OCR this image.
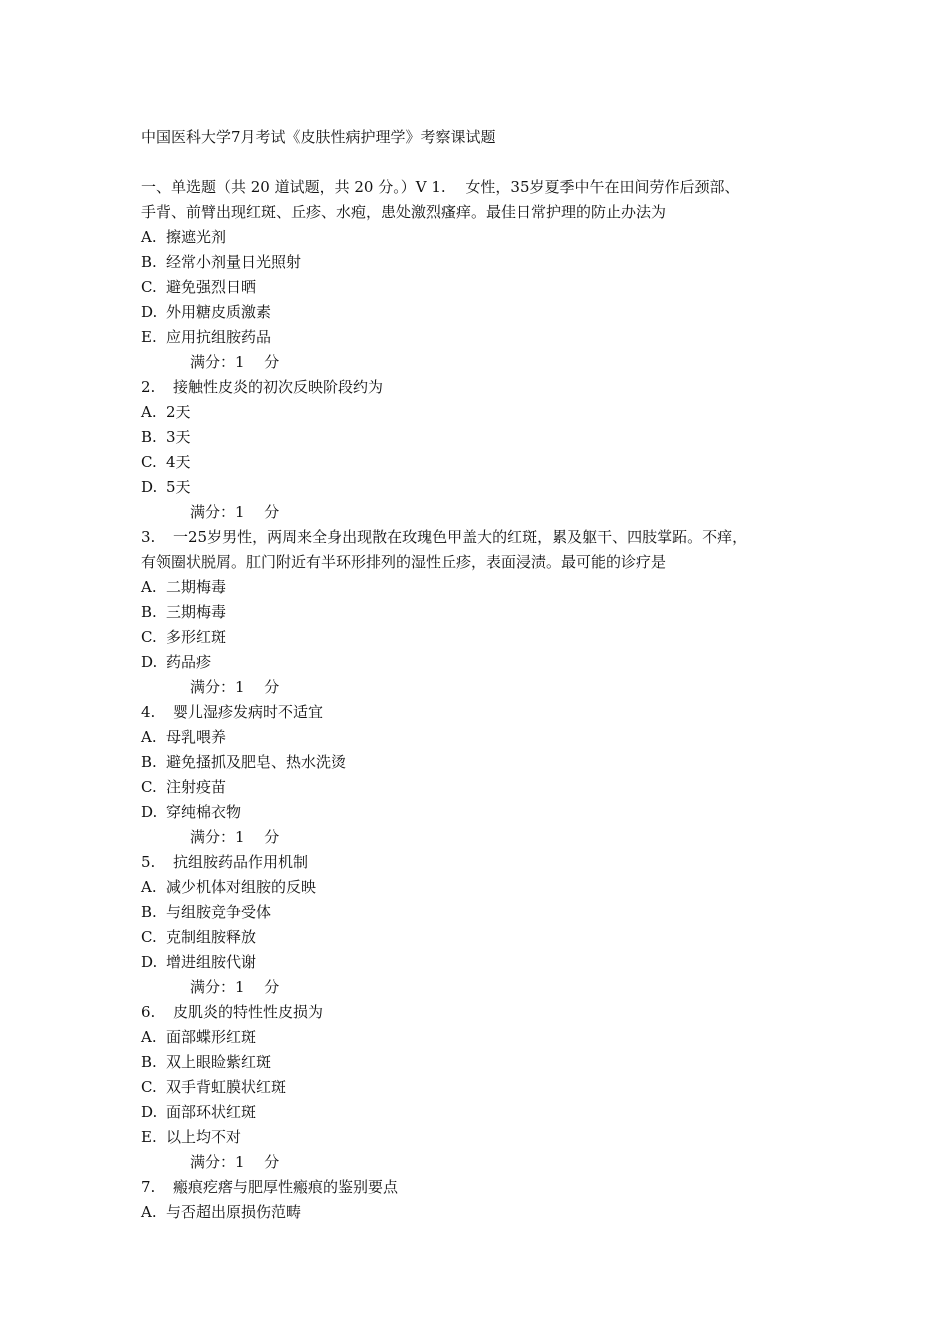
中国医科大学7月考试《皮肤性病护理学》考察课试题
一、单选题（共 20 道试题，共 20 分。）V 1.　 女性，35岁夏季中午在田间劳作后颈部、
手背、前臂出现红斑、丘疹、水疱，患处激烈瘙痒。最佳日常护理的防止办法为
A. 擦遮光剂
B. 经常小剂量日光照射
C. 避免强烈日晒
D. 外用糖皮质激素
E. 应用抗组胺药品
满分：1　 分
2. 接触性皮炎的初次反映阶段约为
A. 2天
B. 3天
C. 4天
D. 5天
满分：1　 分
3. 一25岁男性，两周来全身出现散在玫瑰色甲盖大的红斑，累及躯干、四肢掌跖。不痒，
有领圈状脱屑。肛门附近有半环形排列的湿性丘疹，表面浸渍。最可能的诊疗是
A. 二期梅毒
B. 三期梅毒
C. 多形红斑
D. 药品疹
满分：1　 分
4. 婴儿湿疹发病时不适宜
A. 母乳喂养
B. 避免搔抓及肥皂、热水洗烫
C. 注射疫苗
D. 穿纯棉衣物
满分：1　 分
5. 抗组胺药品作用机制
A. 减少机体对组胺的反映
B. 与组胺竞争受体
C. 克制组胺释放
D. 增进组胺代谢
满分：1　 分
6. 皮肌炎的特性性皮损为
A. 面部蝶形红斑
B. 双上眼睑紫红斑
C. 双手背虹膜状红斑
D. 面部环状红斑
E. 以上均不对
满分：1　 分
7. 瘢痕疙瘩与肥厚性瘢痕的鉴别要点
A. 与否超出原损伤范畴
